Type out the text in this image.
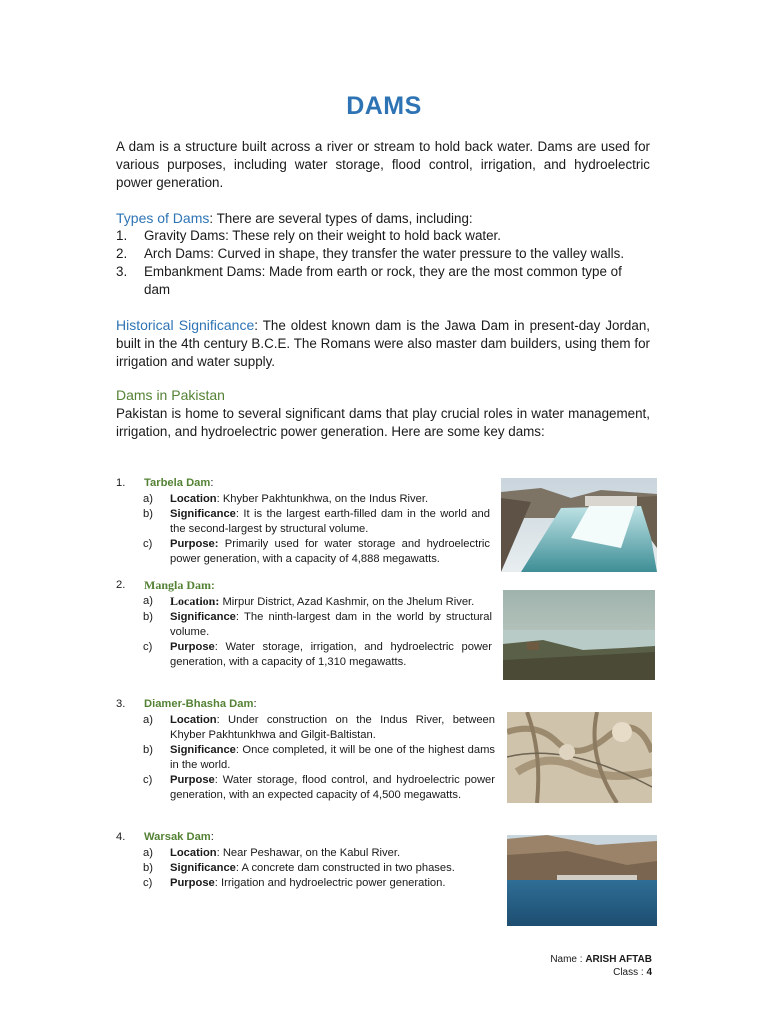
DAMS
A dam is a structure built across a river or stream to hold back water. Dams are used for various purposes, including water storage, flood control, irrigation, and hydroelectric power generation.
Types of Dams: There are several types of dams, including:
1. Gravity Dams: These rely on their weight to hold back water.
2. Arch Dams: Curved in shape, they transfer the water pressure to the valley walls.
3. Embankment Dams: Made from earth or rock, they are the most common type of dam
Historical Significance: The oldest known dam is the Jawa Dam in present-day Jordan, built in the 4th century B.C.E. The Romans were also master dam builders, using them for irrigation and water supply.
Dams in Pakistan
Pakistan is home to several significant dams that play crucial roles in water management, irrigation, and hydroelectric power generation. Here are some key dams:
1. Tarbela Dam:
a) Location: Khyber Pakhtunkhwa, on the Indus River.
b) Significance: It is the largest earth-filled dam in the world and the second-largest by structural volume.
c) Purpose: Primarily used for water storage and hydroelectric power generation, with a capacity of 4,888 megawatts.
2. Mangla Dam:
a) Location: Mirpur District, Azad Kashmir, on the Jhelum River.
b) Significance: The ninth-largest dam in the world by structural volume.
c) Purpose: Water storage, irrigation, and hydroelectric power generation, with a capacity of 1,310 megawatts.
3. Diamer-Bhasha Dam:
a) Location: Under construction on the Indus River, between Khyber Pakhtunkhwa and Gilgit-Baltistan.
b) Significance: Once completed, it will be one of the highest dams in the world.
c) Purpose: Water storage, flood control, and hydroelectric power generation, with an expected capacity of 4,500 megawatts.
4. Warsak Dam:
a) Location: Near Peshawar, on the Kabul River.
b) Significance: A concrete dam constructed in two phases.
c) Purpose: Irrigation and hydroelectric power generation.
Name : ARISH AFTAB
Class : 4
